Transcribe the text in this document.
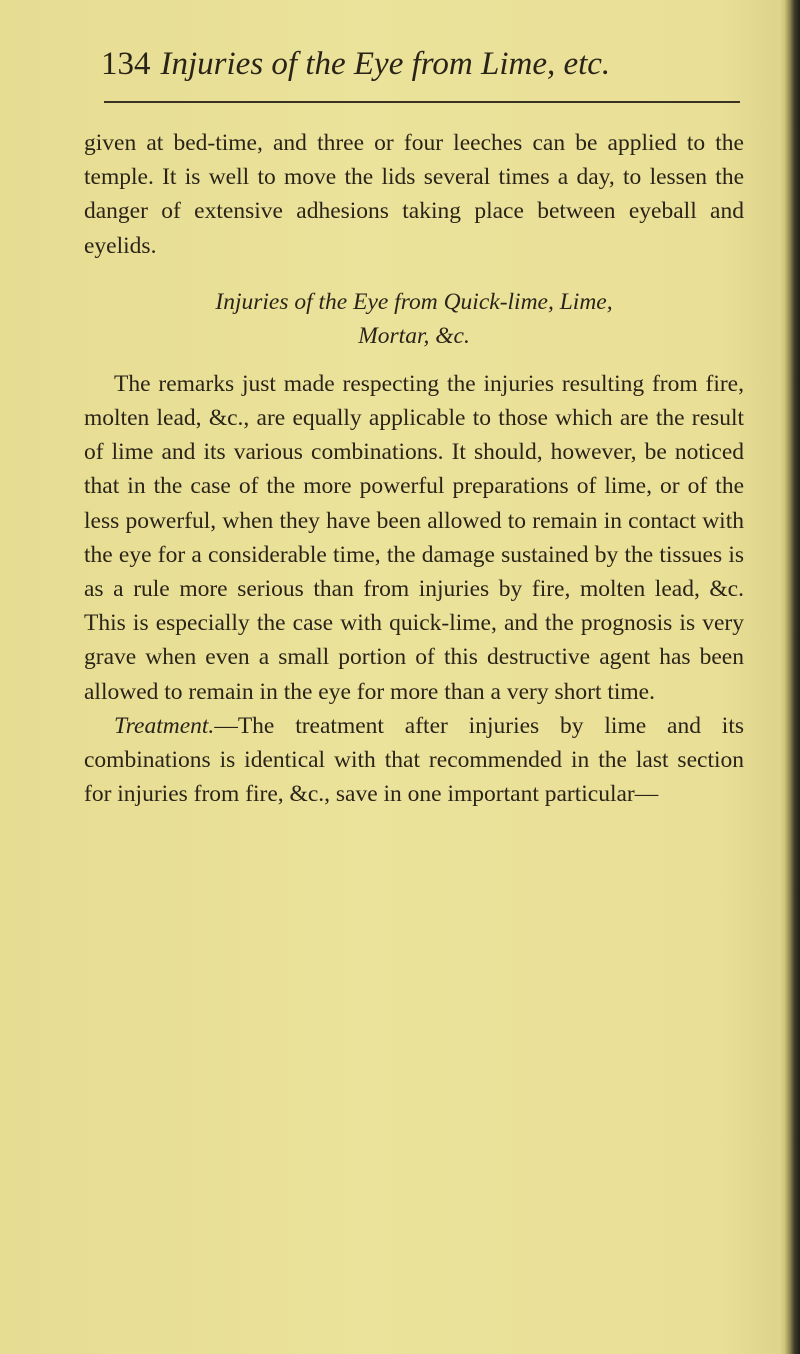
134 Injuries of the Eye from Lime, etc.

given at bed-time, and three or four leeches can be applied to the temple. It is well to move the lids several times a day, to lessen the danger of extensive adhesions taking place between eyeball and eyelids.

Injuries of the Eye from Quick-lime, Lime,
Mortar, &c.

The remarks just made respecting the injuries resulting from fire, molten lead, &c., are equally applicable to those which are the result of lime and its various combinations. It should, however, be noticed that in the case of the more powerful preparations of lime, or of the less powerful, when they have been allowed to remain in contact with the eye for a considerable time, the damage sustained by the tissues is as a rule more serious than from injuries by fire, molten lead, &c. This is especially the case with quick-lime, and the prognosis is very grave when even a small portion of this destructive agent has been allowed to remain in the eye for more than a very short time.

Treatment.—The treatment after injuries by lime and its combinations is identical with that recommended in the last section for injuries from fire, &c., save in one important particular—
